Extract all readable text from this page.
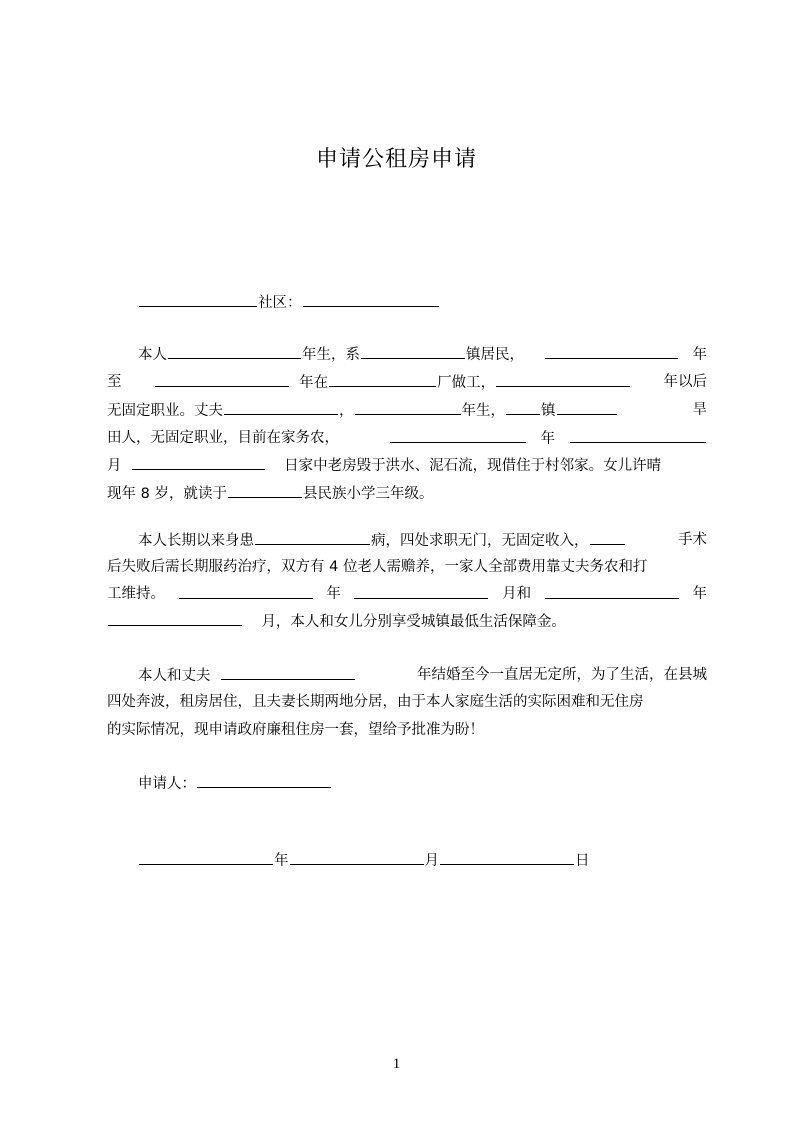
申请公租房申请
社区：
本人	年生，系	镇居民，	年
至	年在	厂做工，	年以后
无固定职业。丈夫	，	年生， 镇	旱
田人，无固定职业，目前在家务农，	年
月	日家中老房毁于洪水、泥石流，现借住于村邻家。女儿许晴
现年 8 岁，就读于	县民族小学三年级。
本人长期以来身患	病，四处求职无门，无固定收入，	手术
后失败后需长期服药治疗，双方有 4 位老人需赡养，一家人全部费用靠丈夫务农和打
工维持。	年	月和	年
月，本人和女儿分别享受城镇最低生活保障金。
本人和丈夫	年结婚至今一直居无定所，为了生活，在县城
四处奔波，租房居住，且夫妻长期两地分居，由于本人家庭生活的实际困难和无住房
的实际情况，现申请政府廉租住房一套，望给予批准为盼！
申请人：
年	月	日
1
